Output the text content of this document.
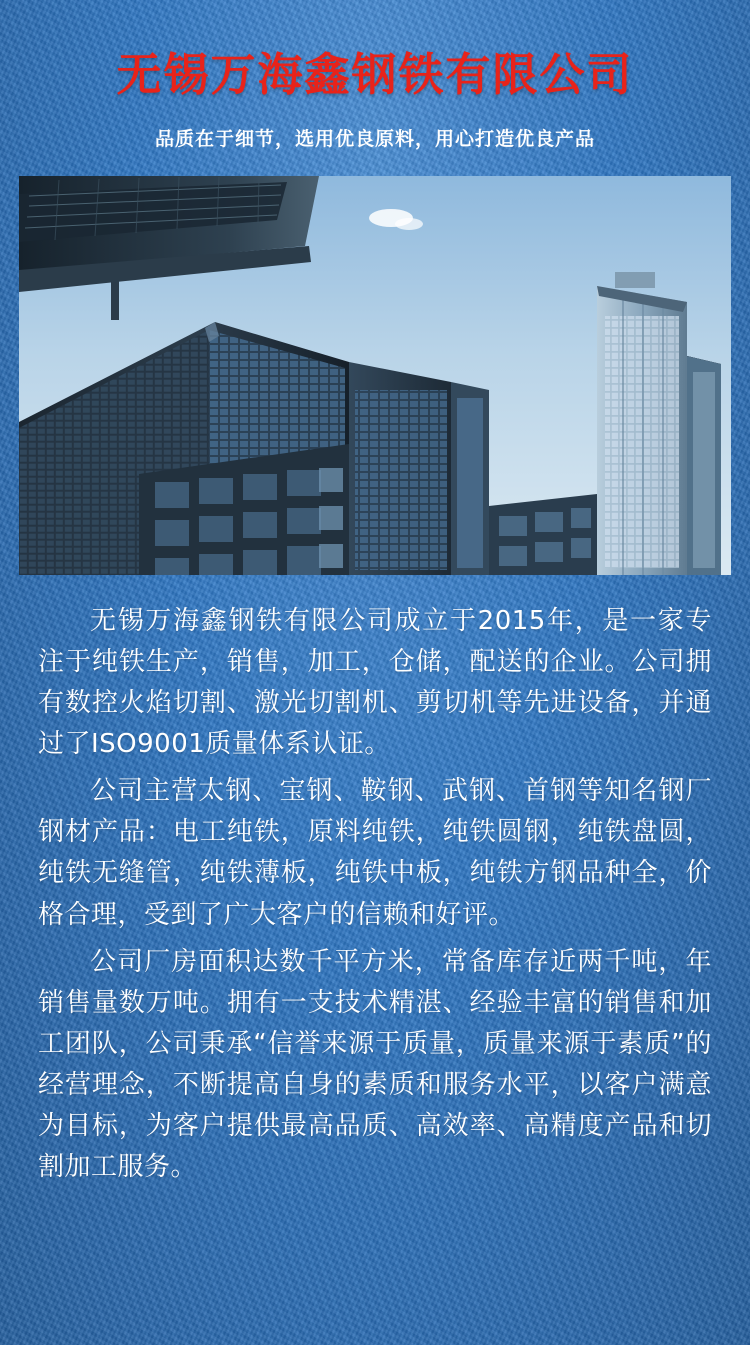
无锡万海鑫钢铁有限公司
品质在于细节，选用优良原料，用心打造优良产品

无锡万海鑫钢铁有限公司成立于2015年，是一家专注于纯铁生产，销售，加工，仓储，配送的企业。公司拥有数控火焰切割、激光切割机、剪切机等先进设备，并通过了ISO9001质量体系认证。

公司主营太钢、宝钢、鞍钢、武钢、首钢等知名钢厂钢材产品：电工纯铁，原料纯铁，纯铁圆钢，纯铁盘圆，纯铁无缝管，纯铁薄板，纯铁中板，纯铁方钢品种全，价格合理，受到了广大客户的信赖和好评。

公司厂房面积达数千平方米，常备库存近两千吨，年销售量数万吨。拥有一支技术精湛、经验丰富的销售和加工团队，公司秉承“信誉来源于质量，质量来源于素质”的经营理念，不断提高自身的素质和服务水平，以客户满意为目标，为客户提供最高品质、高效率、高精度产品和切割加工服务。
